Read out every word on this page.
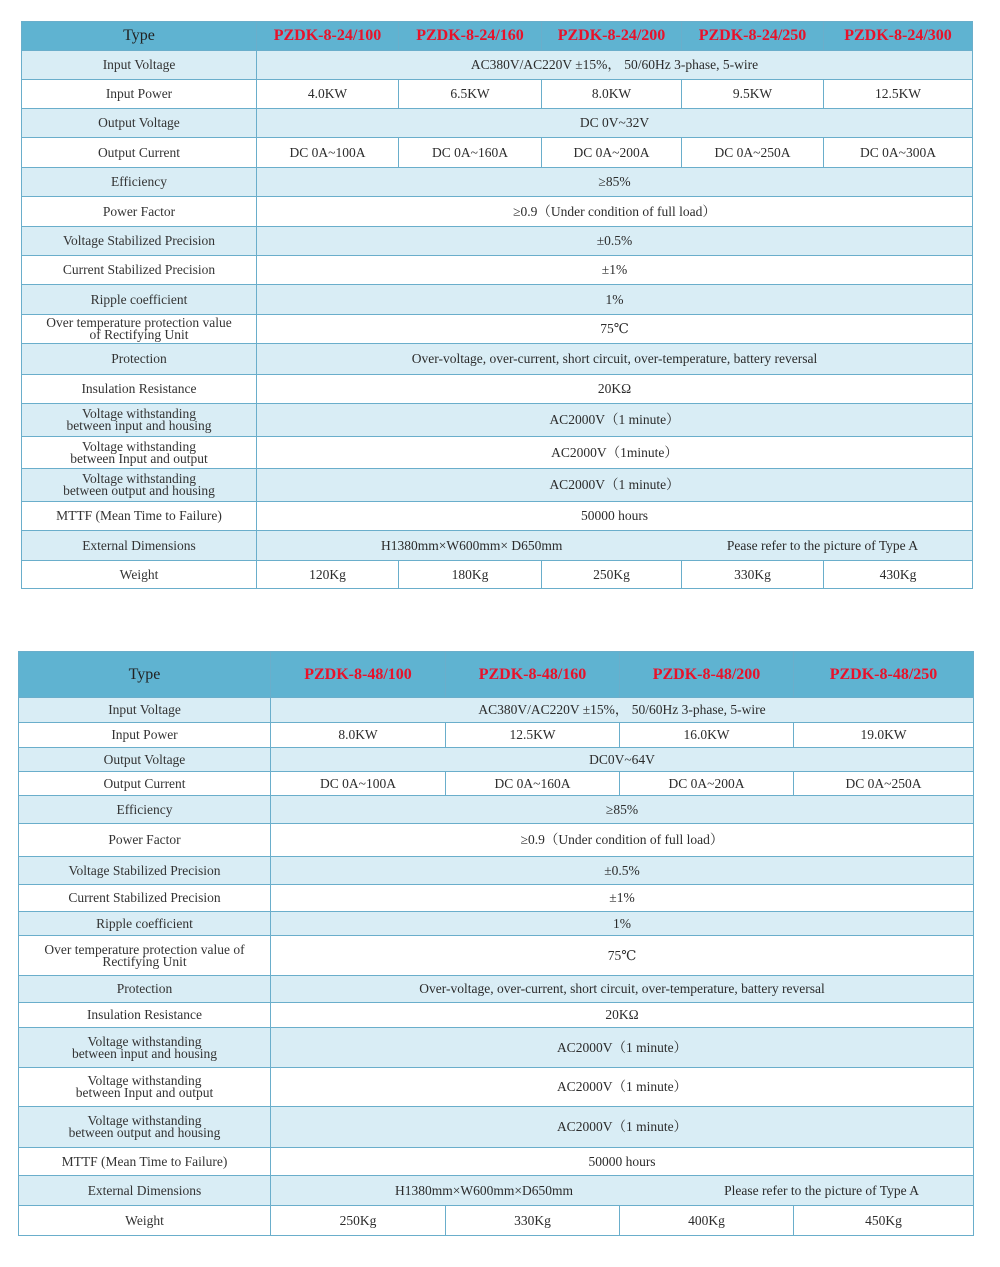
Type	PZDK-8-24/100	PZDK-8-24/160	PZDK-8-24/200	PZDK-8-24/250	PZDK-8-24/300
Input Voltage	AC380V/AC220V ±15%， 50/60Hz 3-phase, 5-wire				
Input Power	4.0KW	6.5KW	8.0KW	9.5KW	12.5KW
Output Voltage	DC 0V~32V				
Output Current	DC 0A~100A	DC 0A~160A	DC 0A~200A	DC 0A~250A	DC 0A~300A
Efficiency	≥85%				
Power Factor	≥0.9（Under condition of full load）				
Voltage Stabilized Precision	±0.5%				
Current Stabilized Precision	±1%				
Ripple coefficient	1%				
Over temperature protection value
of Rectifying Unit	75℃				
Protection	Over-voltage, over-current, short circuit, over-temperature, battery reversal				
Insulation Resistance	20KΩ				
Voltage withstanding
between input and housing	AC2000V（1 minute）				
Voltage withstanding
between Input and output	AC2000V（1minute）				
Voltage withstanding
between output and housing	AC2000V（1 minute）				
MTTF (Mean Time to Failure)	50000 hours				
External Dimensions	H1380mm×W600mm× D650mm Pease refer to the picture of Type A				

Weight	120Kg	180Kg	250Kg	330Kg	430Kg
Type	PZDK-8-48/100	PZDK-8-48/160	PZDK-8-48/200	PZDK-8-48/250
Input Voltage	AC380V/AC220V ±15%， 50/60Hz 3-phase, 5-wire			
Input Power	8.0KW	12.5KW	16.0KW	19.0KW
Output Voltage	DC0V~64V			
Output Current	DC 0A~100A	DC 0A~160A	DC 0A~200A	DC 0A~250A
Efficiency	≥85%			
Power Factor	≥0.9（Under condition of full load）			
Voltage Stabilized Precision	±0.5%			
Current Stabilized Precision	±1%			
Ripple coefficient	1%			
Over temperature protection value of
Rectifying Unit	75℃			
Protection	Over-voltage, over-current, short circuit, over-temperature, battery reversal			
Insulation Resistance	20KΩ			
Voltage withstanding
between input and housing	AC2000V（1 minute）			
Voltage withstanding
between Input and output	AC2000V（1 minute）			
Voltage withstanding
between output and housing	AC2000V（1 minute）			
MTTF (Mean Time to Failure)	50000 hours			
External Dimensions	H1380mm×W600mm×D650mm Please refer to the picture of Type A			

Weight	250Kg	330Kg	400Kg	450Kg
